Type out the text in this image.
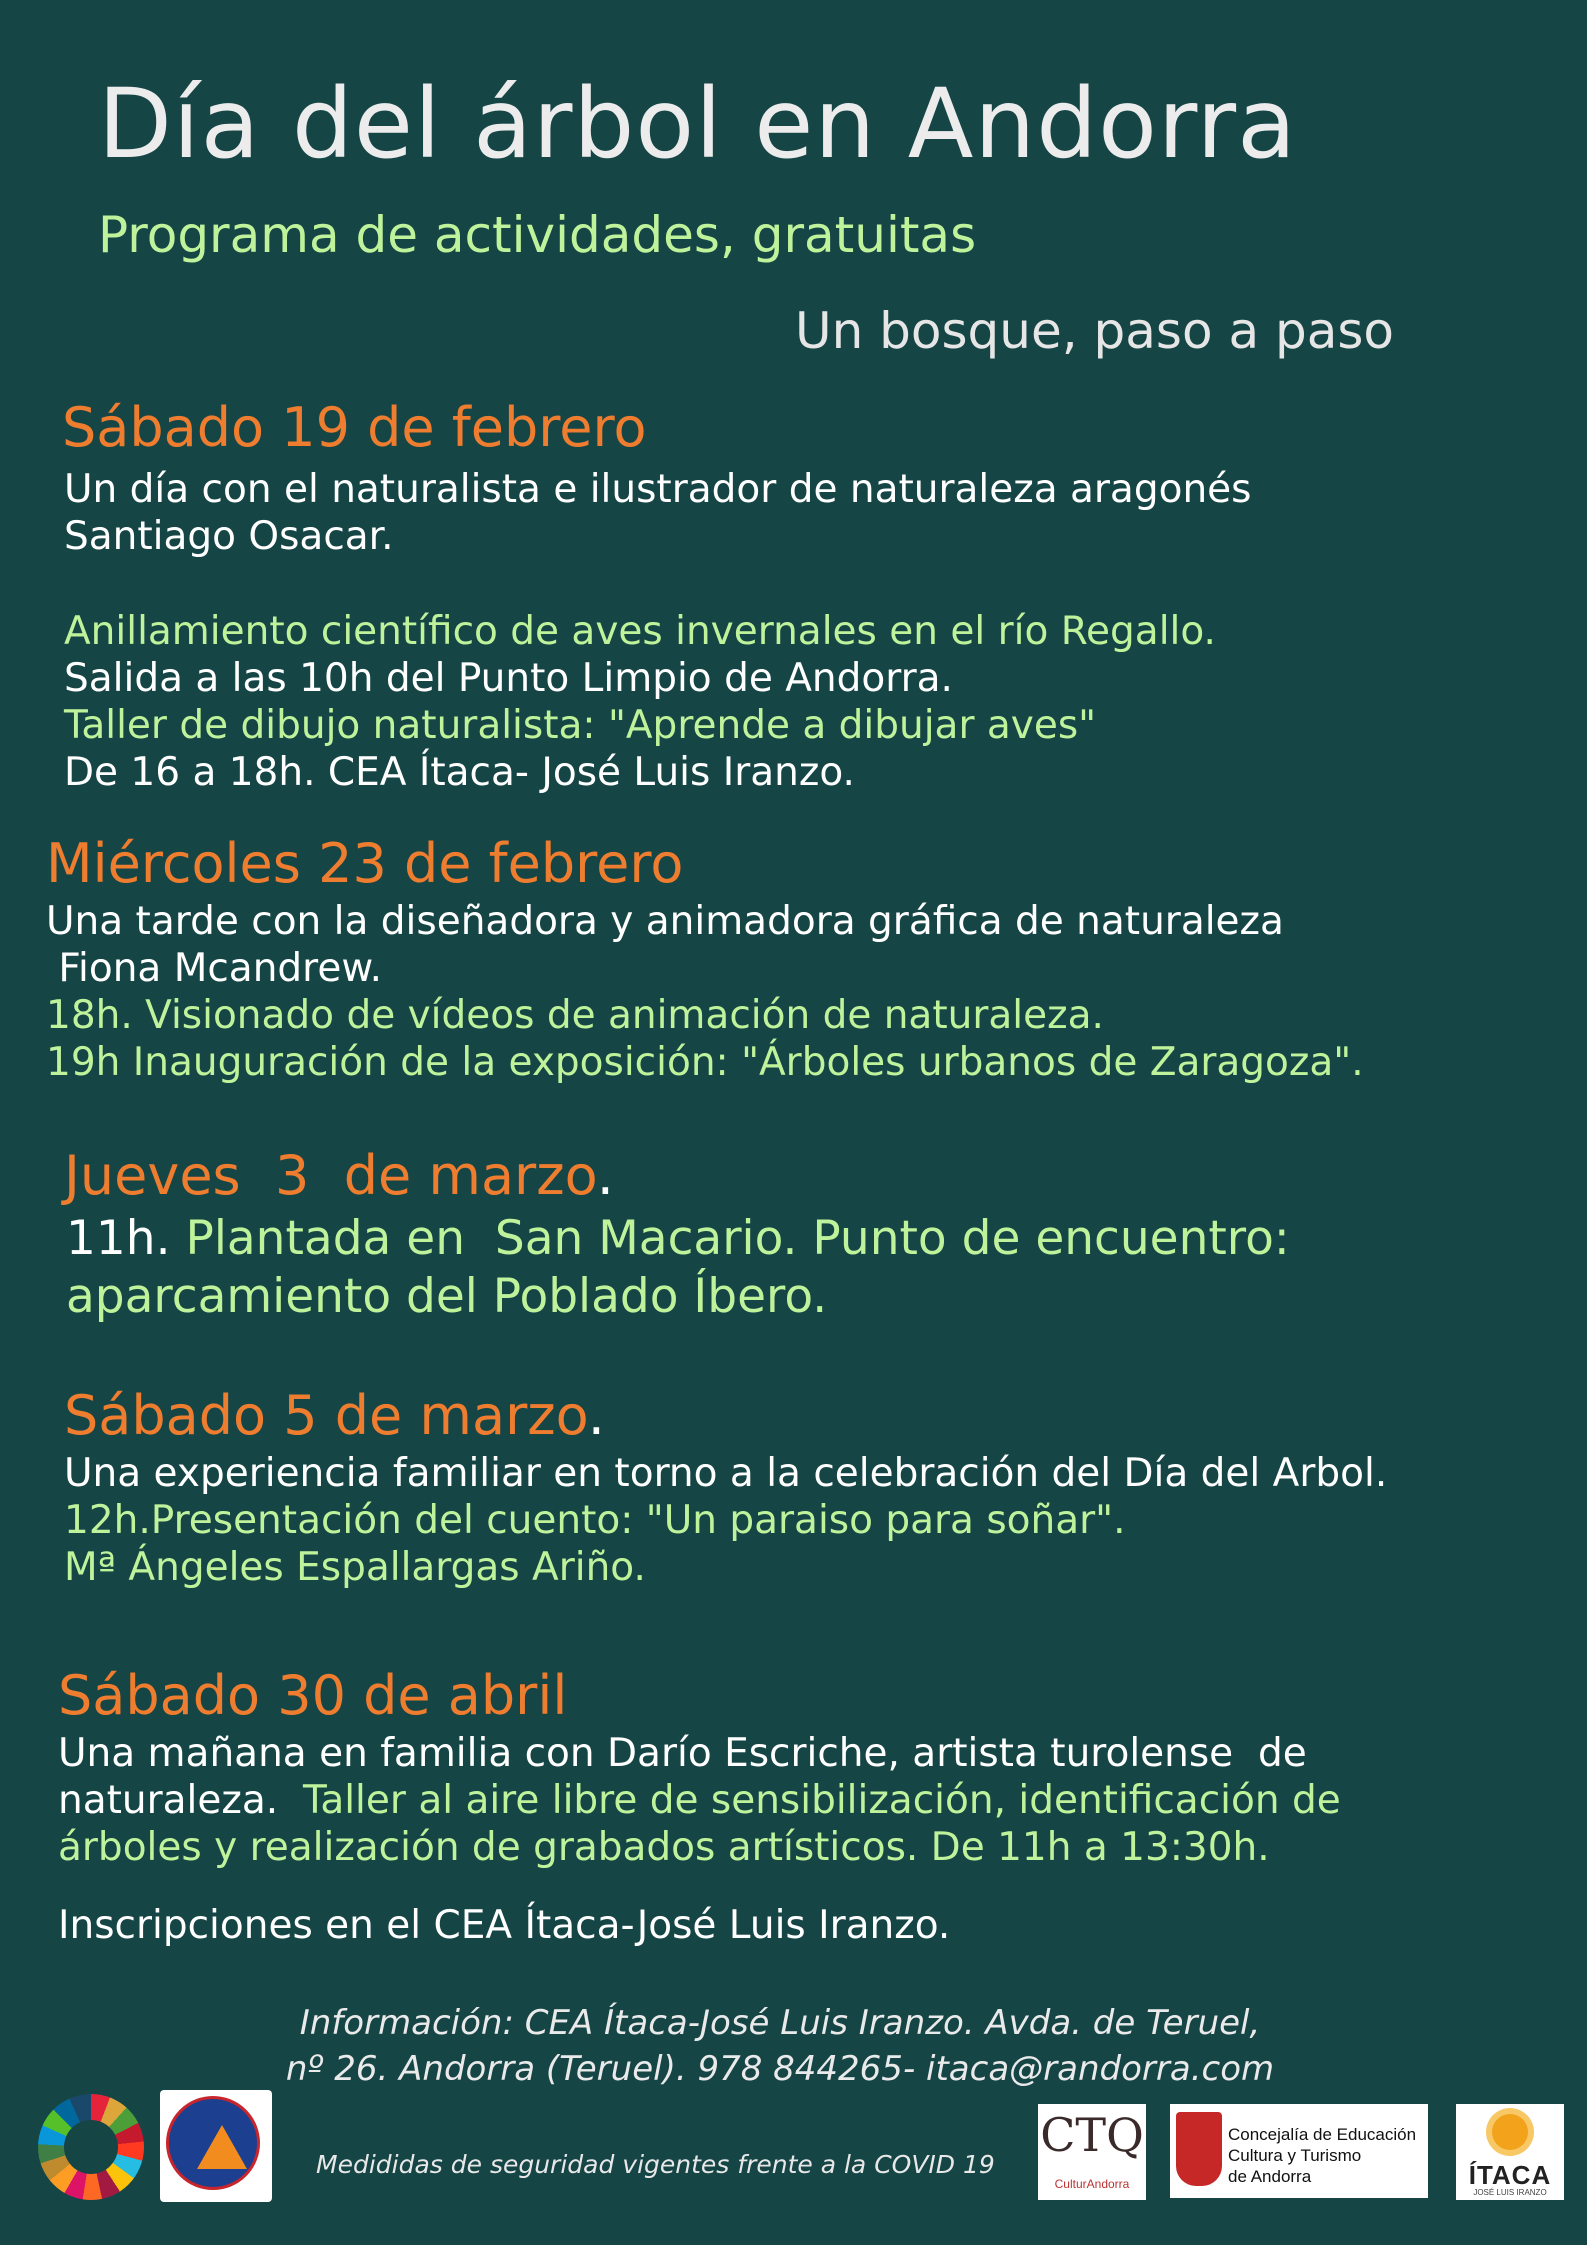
Día del árbol en Andorra
Programa de actividades, gratuitas
Un bosque, paso a paso
Sábado 19 de febrero
Un día con el naturalista e ilustrador de naturaleza aragonés
Santiago Osacar.
Anillamiento científico de aves invernales en el río Regallo.
Salida a las 10h del Punto Limpio de Andorra.
Taller de dibujo naturalista: "Aprende a dibujar aves"
De 16 a 18h. CEA Ítaca- José Luis Iranzo.
Miércoles 23 de febrero
Una tarde con la diseñadora y animadora gráfica de naturaleza
Fiona Mcandrew.
18h. Visionado de vídeos de animación de naturaleza.
19h Inauguración de la exposición: "Árboles urbanos de Zaragoza".
Jueves  3  de marzo.
11h. Plantada en  San Macario. Punto de encuentro:
aparcamiento del Poblado Íbero.
Sábado 5 de marzo.
Una experiencia familiar en torno a la celebración del Día del Arbol.
12h.Presentación del cuento: "Un paraiso para soñar".
Mª Ángeles Espallargas Ariño.
Sábado 30 de abril
Una mañana en familia con Darío Escriche, artista turolense  de
naturaleza.  Taller al aire libre de sensibilización, identificación de
árboles y realización de grabados artísticos. De 11h a 13:30h.
Inscripciones en el CEA Ítaca-José Luis Iranzo.
Información: CEA Ítaca-José Luis Iranzo. Avda. de Teruel,
nº 26. Andorra (Teruel). 978 844265- itaca@randorra.com
Medididas de seguridad vigentes frente a la COVID 19
CTQ
CulturAndorra
Concejalía de Educación
Cultura y Turismo
de Andorra	ÍTACA
JOSÉ LUIS IRANZO
